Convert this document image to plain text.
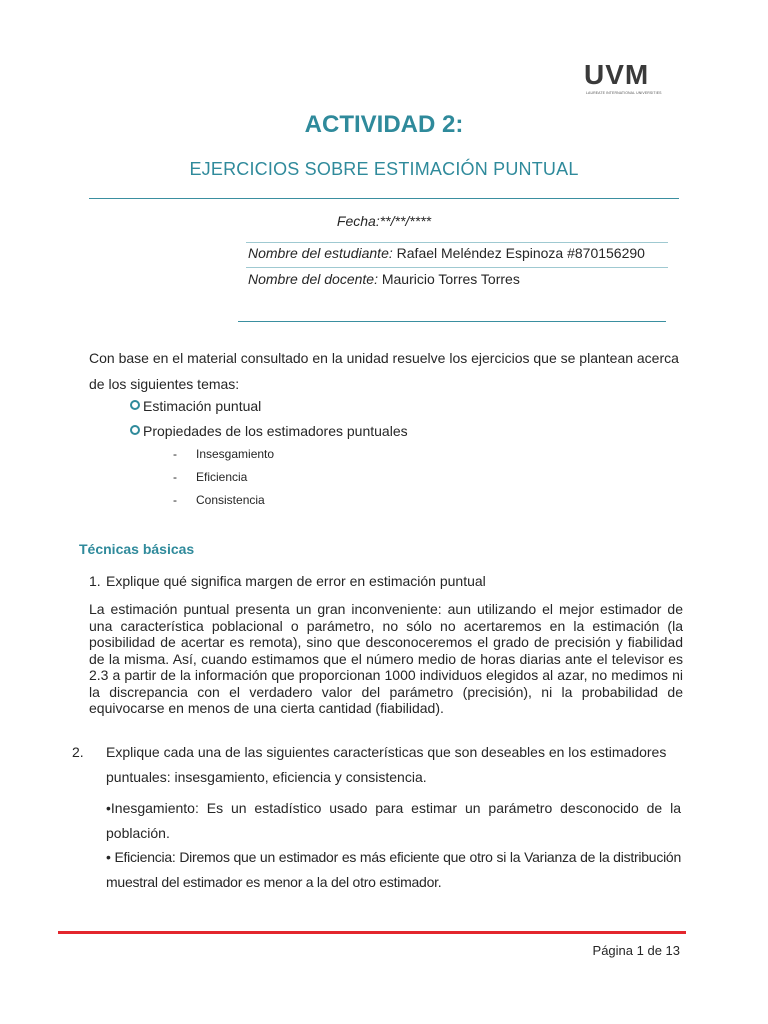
UVM
LAUREATE INTERNATIONAL UNIVERSITIES
ACTIVIDAD 2:
EJERCICIOS SOBRE ESTIMACIÓN PUNTUAL
Fecha:**/**/****
Nombre del estudiante: Rafael Meléndez Espinoza #870156290
Nombre del docente: Mauricio Torres Torres
Con base en el material consultado en la unidad resuelve los ejercicios que se plantean acerca de los siguientes temas:
Estimación puntual
Propiedades de los estimadores puntuales
- Insesgamiento
- Eficiencia
- Consistencia
Técnicas básicas
1. Explique qué significa margen de error en estimación puntual
La estimación puntual presenta un gran inconveniente: aun utilizando el mejor estimador de una característica poblacional o parámetro, no sólo no acertaremos en la estimación (la posibilidad de acertar es remota), sino que desconoceremos el grado de precisión y fiabilidad de la misma. Así, cuando estimamos que el número medio de horas diarias ante el televisor es 2.3 a partir de la información que proporcionan 1000 individuos elegidos al azar, no medimos ni la discrepancia con el verdadero valor del parámetro (precisión), ni la probabilidad de equivocarse en menos de una cierta cantidad (fiabilidad).
2. Explique cada una de las siguientes características que son deseables en los estimadores puntuales: insesgamiento, eficiencia y consistencia.
•Inesgamiento: Es un estadístico usado para estimar un parámetro desconocido de la población.
• Eficiencia: Diremos que un estimador es más eficiente que otro si la Varianza de la distribución muestral del estimador es menor a la del otro estimador.
Página 1 de 13
